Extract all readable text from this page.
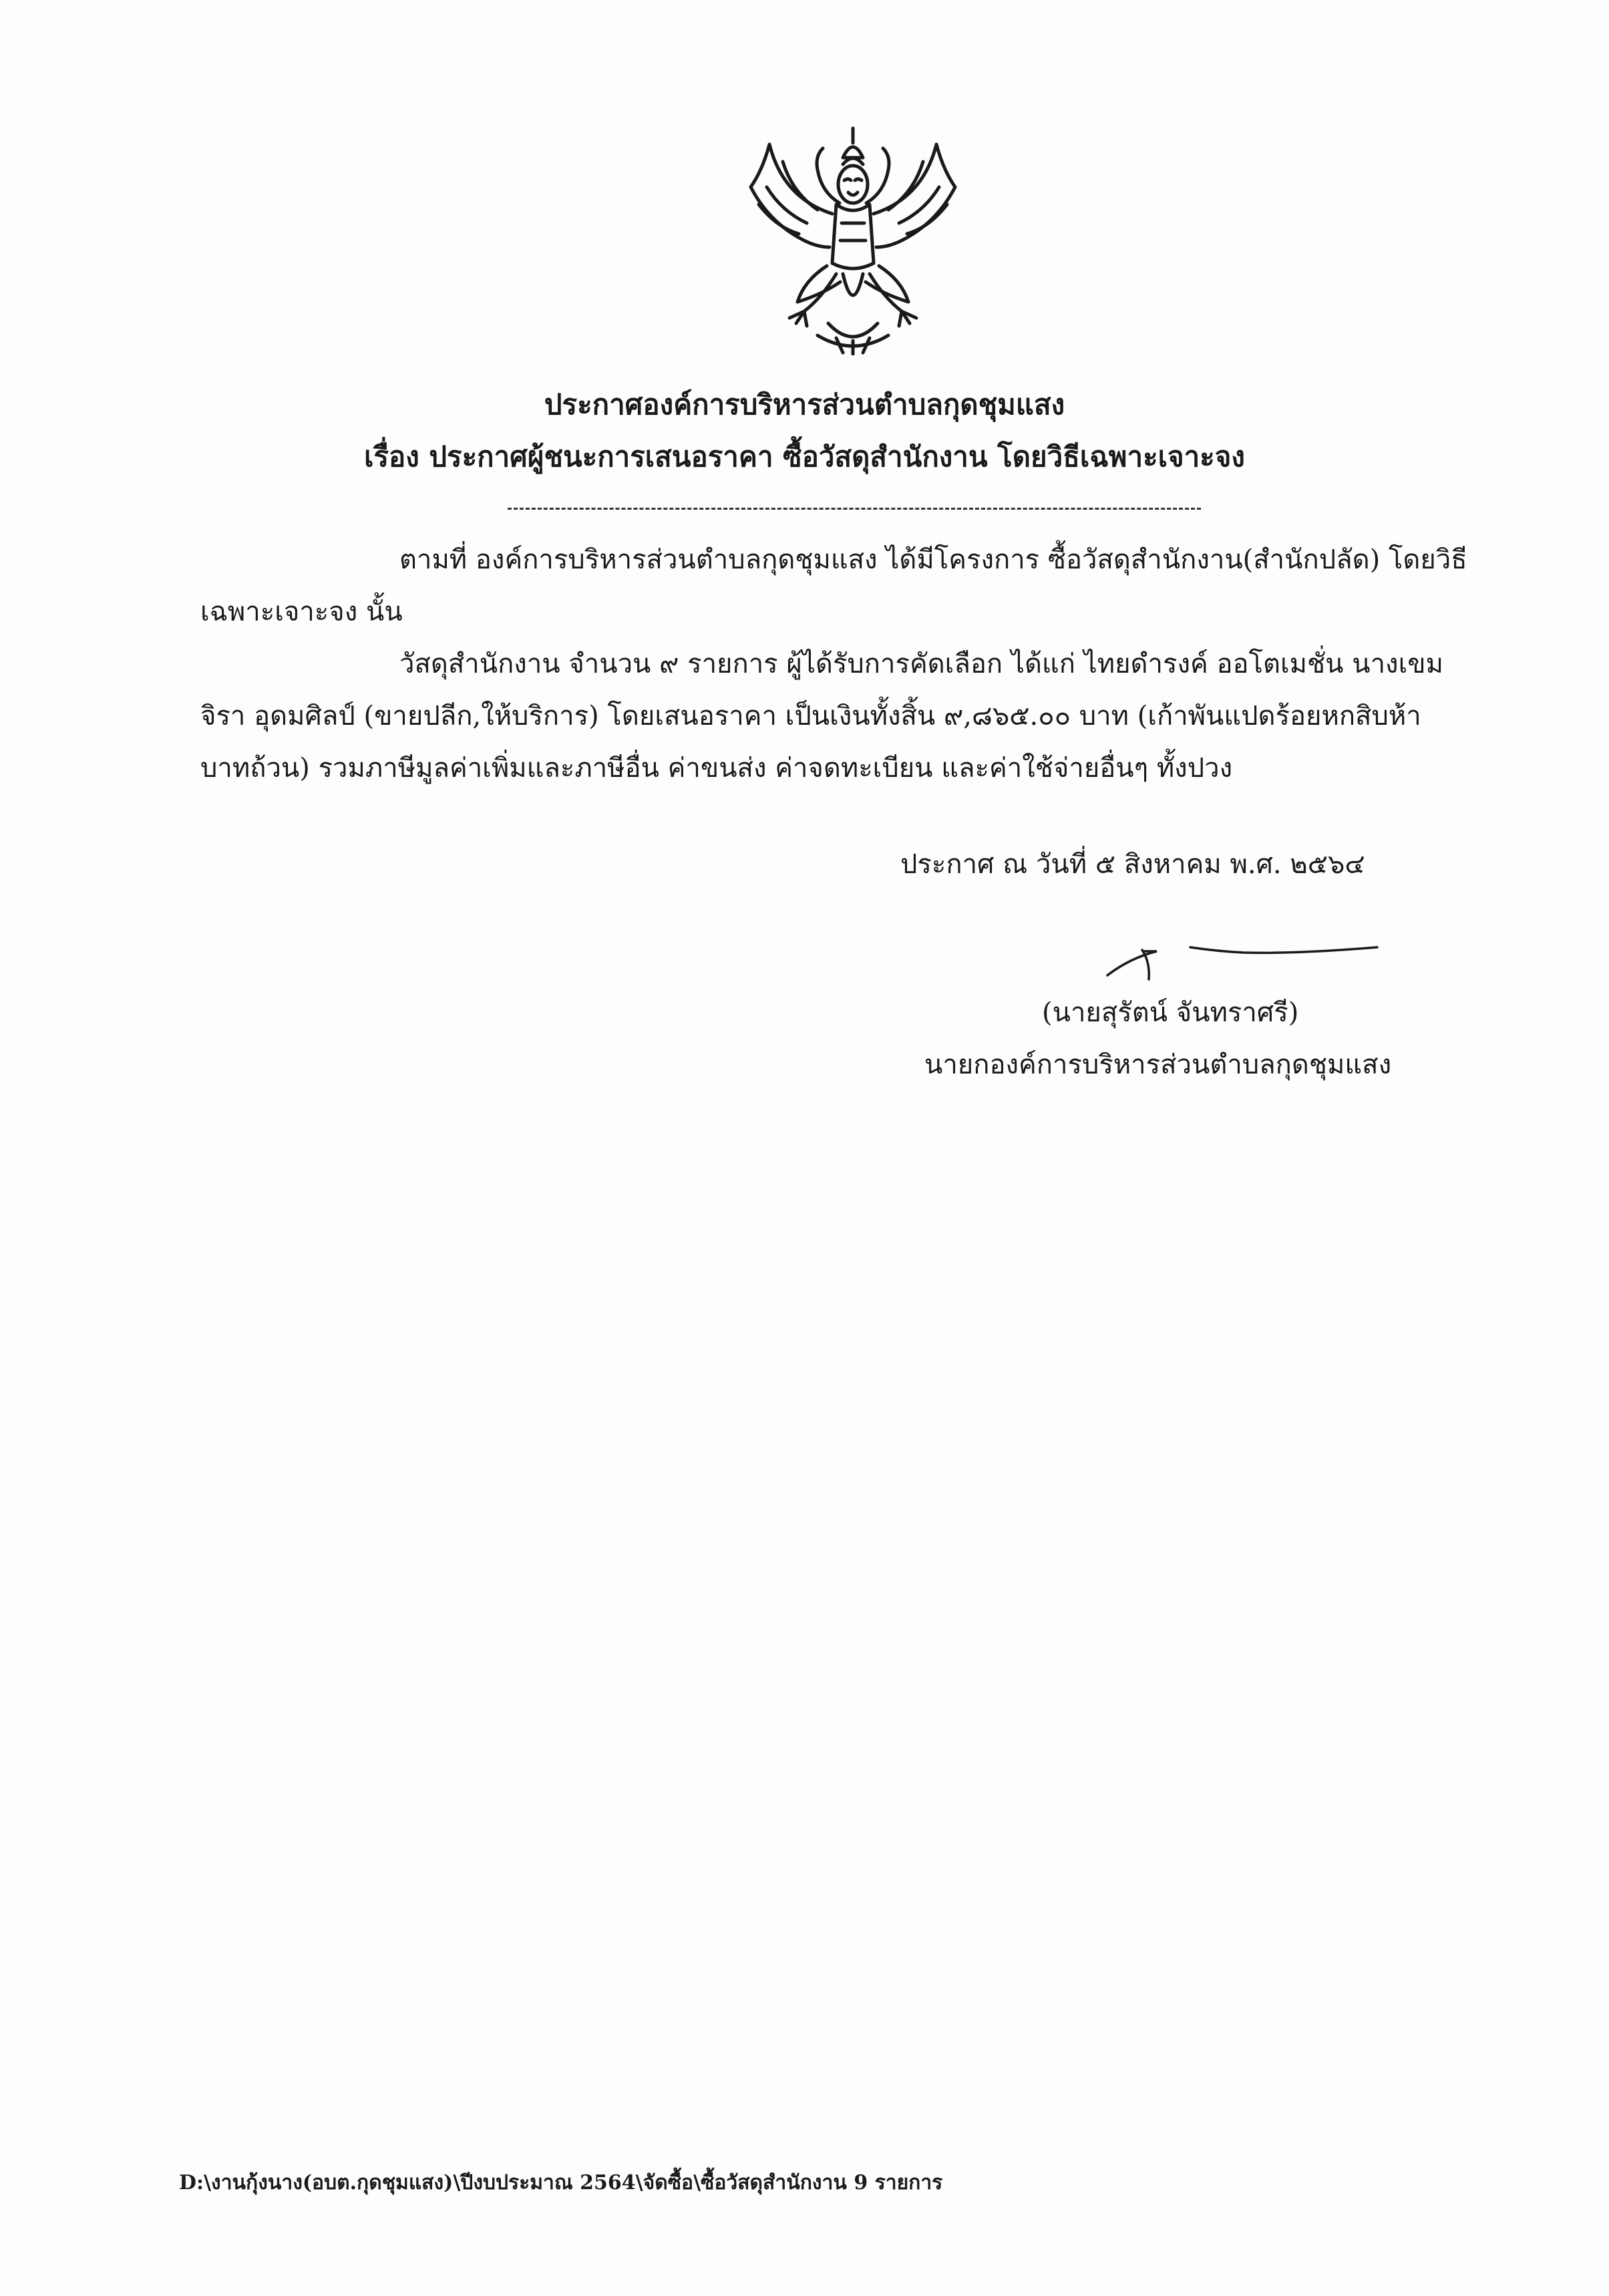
ประกาศองค์การบริหารส่วนตำบลกุดชุมแสง
เรื่อง ประกาศผู้ชนะการเสนอราคา ซื้อวัสดุสำนักงาน โดยวิธีเฉพาะเจาะจง
ตามที่ องค์การบริหารส่วนตำบลกุดชุมแสง ได้มีโครงการ ซื้อวัสดุสำนักงาน(สำนักปลัด) โดยวิธี
เฉพาะเจาะจง นั้น
วัสดุสำนักงาน จำนวน ๙ รายการ ผู้ได้รับการคัดเลือก ได้แก่ ไทยดำรงค์ ออโตเมชั่น นางเขม
จิรา อุดมศิลป์ (ขายปลีก,ให้บริการ) โดยเสนอราคา เป็นเงินทั้งสิ้น ๙,๘๖๕.๐๐ บาท (เก้าพันแปดร้อยหกสิบห้า
บาทถ้วน) รวมภาษีมูลค่าเพิ่มและภาษีอื่น ค่าขนส่ง ค่าจดทะเบียน และค่าใช้จ่ายอื่นๆ ทั้งปวง
ประกาศ ณ วันที่ ๕ สิงหาคม พ.ศ. ๒๕๖๔
(นายสุรัตน์ จันทราศรี)
นายกองค์การบริหารส่วนตำบลกุดชุมแสง
D:\งานกุ้งนาง(อบต.กุดชุมแสง)\ปีงบประมาณ 2564\จัดซื้อ\ซื้อวัสดุสำนักงาน 9 รายการ
